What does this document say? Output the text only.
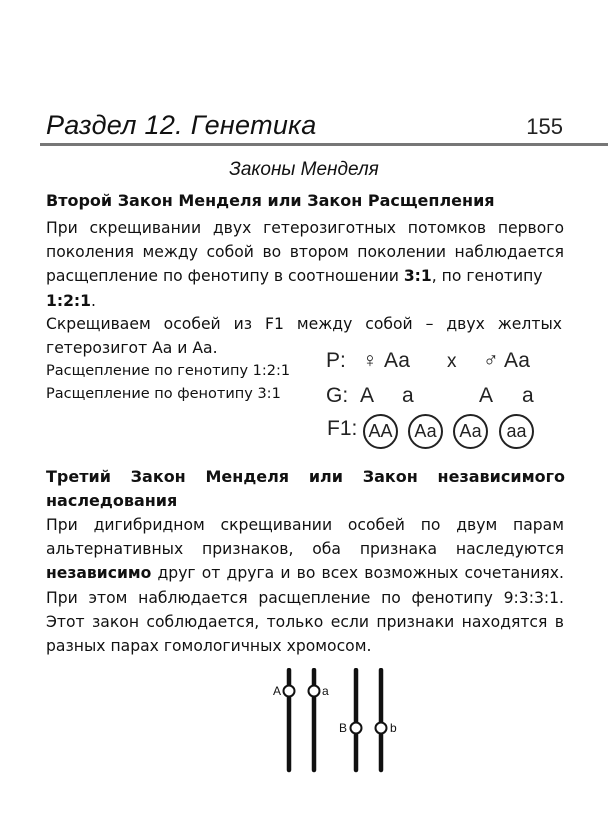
Раздел 12. Генетика	155
Законы Менделя
Второй Закон Менделя или Закон Расщепления
При скрещивании двух гетерозиготных потомков первого поколения между собой во втором поколении наблюдается расщепление по фенотипу в соотношении 3:1, по генотипу
1:2:1.
Скрещиваем особей из F1 между собой – двух желтых
гетерозигот Аа и Аа.
Расщепление по генотипу 1:2:1
Расщепление по фенотипу 3:1
P: ♀ Аа x ♂ Аа
G: А а	А а
F1: АА	Аа	Аа	аа
Третий Закон Менделя или Закон независимого
наследования
При дигибридном скрещивании особей по двум парам альтернативных признаков, оба признака наследуются независимо друг от друга и во всех возможных сочетаниях. При этом наблюдается расщепление по фенотипу 9:3:3:1. Этот закон соблюдается, только если признаки находятся в разных парах гомологичных хромосом.
A	a
B	b
